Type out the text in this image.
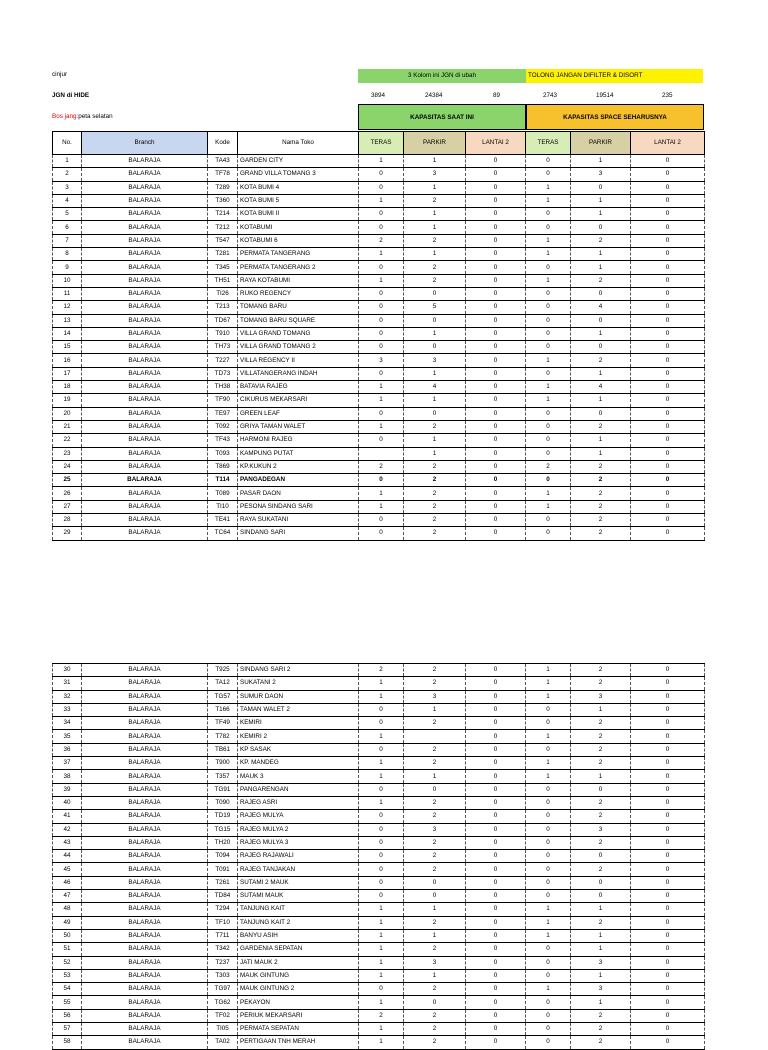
cinjur
JGN di HIDE
Bos jang:peta selatan
3 Kolom ini JGN di ubah	TOLONG JANGAN DIFILTER & DISORT
3894	24384	89	2743	19514	235
KAPASITAS SAAT INI	KAPASITAS SPACE SEHARUSNYA
No.	Branch	Kode	Nama Toko	TERAS	PARKIR	LANTAI 2	TERAS	PARKIR	LANTAI 2
1	BALARAJA	TA43	GARDEN CITY	1	1	0	0	1	0
2	BALARAJA	TF78	GRAND VILLA TOMANG 3	0	3	0	0	3	0
3	BALARAJA	T289	KOTA BUMI 4	0	1	0	1	0	0
4	BALARAJA	T360	KOTA BUMI 5	1	2	0	1	1	0
5	BALARAJA	T214	KOTA BUMI II	0	1	0	0	1	0
6	BALARAJA	T212	KOTABUMI	0	1	0	0	0	0
7	BALARAJA	T547	KOTABUMI 6	2	2	0	1	2	0
8	BALARAJA	T281	PERMATA TANGERANG	1	1	0	1	1	0
9	BALARAJA	T345	PERMATA TANGERANG 2	0	2	0	0	1	0
10	BALARAJA	TH51	RAYA KOTABUMI	1	2	0	1	2	0
11	BALARAJA	TI26	RUKO REGENCY	0	0	0	0	0	0
12	BALARAJA	T213	TOMANG BARU	0	5	0	0	4	0
13	BALARAJA	TD67	TOMANG BARU SQUARE	0	0	0	0	0	0
14	BALARAJA	T910	VILLA GRAND TOMANG	0	1	0	0	1	0
15	BALARAJA	TH73	VILLA GRAND TOMANG 2	0	0	0	0	0	0
16	BALARAJA	T227	VILLA REGENCY II	3	3	0	1	2	0
17	BALARAJA	TD73	VILLATANGERANG INDAH	0	1	0	0	1	0
18	BALARAJA	TH38	BATAVIA RAJEG	1	4	0	1	4	0
19	BALARAJA	TF90	CIKURUS MEKARSARI	1	1	0	1	1	0
20	BALARAJA	TE97	GREEN LEAF	0	0	0	0	0	0
21	BALARAJA	T092	GRIYA TAMAN WALET	1	2	0	0	2	0
22	BALARAJA	TF43	HARMONI RAJEG	0	1	0	0	1	0
23	BALARAJA	T093	KAMPUNG PUTAT		1	0	0	1	0
24	BALARAJA	T869	KP.KUKUN 2	2	2	0	2	2	0
25	BALARAJA	T114	PANGADEGAN	0	2	0	0	2	0
26	BALARAJA	T089	PASAR DAON	1	2	0	1	2	0
27	BALARAJA	TI10	PESONA SINDANG SARI	1	2	0	1	2	0
28	BALARAJA	TE41	RAYA SUKATANI	0	2	0	0	2	0
29	BALARAJA	TC64	SINDANG SARI	0	2	0	0	2	0
30	BALARAJA	T925	SINDANG SARI 2	2	2	0	1	2	0
31	BALARAJA	TA12	SUKATANI 2	1	2	0	1	2	0
32	BALARAJA	TG57	SUMUR DAON	1	3	0	1	3	0
33	BALARAJA	T166	TAMAN WALET 2	0	1	0	0	1	0
34	BALARAJA	TF49	KEMIRI	0	2	0	0	2	0
35	BALARAJA	T782	KEMIRI 2	1		0	1	2	0
36	BALARAJA	TB61	KP SASAK	0	2	0	0	2	0
37	BALARAJA	T900	KP. MANDEG	1	2	0	1	2	0
38	BALARAJA	T357	MAUK 3	1	1	0	1	1	0
39	BALARAJA	TG91	PANGARENGAN	0	0	0	0	0	0
40	BALARAJA	T090	RAJEG ASRI	1	2	0	0	2	0
41	BALARAJA	TD19	RAJEG MULYA	0	2	0	0	2	0
42	BALARAJA	TG15	RAJEG MULYA 2	0	3	0	0	3	0
43	BALARAJA	TH20	RAJEG MULYA 3	0	2	0	0	2	0
44	BALARAJA	T094	RAJEG RAJAWALI	0	2	0	0	0	0
45	BALARAJA	T091	RAJEG TANJAKAN	0	2	0	0	2	0
46	BALARAJA	T261	SUTAMI 2 MAUK	0	0	0	0	0	0
47	BALARAJA	TD84	SUTAMI MAUK	0	0	0	0	0	0
48	BALARAJA	T294	TANJUNG KAIT	1	1	0	1	1	0
49	BALARAJA	TF10	TANJUNG KAIT 2	1	2	0	1	2	0
50	BALARAJA	T711	BANYU ASIH	1	1	0	1	1	0
51	BALARAJA	T342	GARDENIA SEPATAN	1	2	0	0	1	0
52	BALARAJA	T237	JATI MAUK 2	1	3	0	0	3	0
53	BALARAJA	T303	MAUK GINTUNG	1	1	0	0	1	0
54	BALARAJA	TG97	MAUK GINTUNG 2	0	2	0	1	3	0
55	BALARAJA	TG62	PEKAYON	1	0	0	0	1	0
56	BALARAJA	TF02	PERIUK MEKARSARI	2	2	0	0	2	0
57	BALARAJA	TI05	PERMATA SEPATAN	1	2	0	0	2	0
58	BALARAJA	TA02	PERTIGAAN TNH MERAH	1	2	0	0	2	0
